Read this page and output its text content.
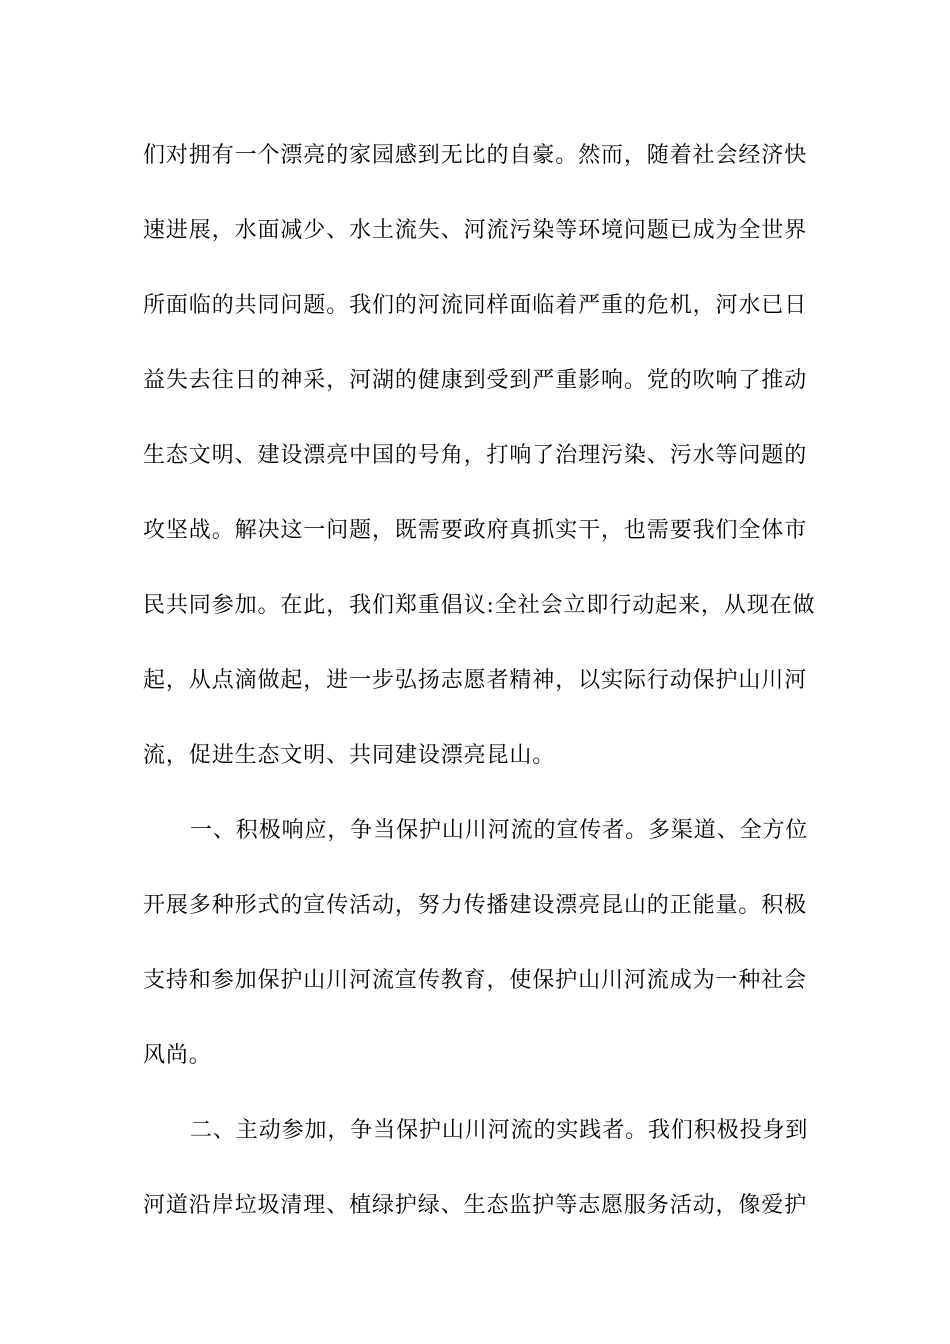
们对拥有一个漂亮的家园感到无比的自豪。然而，随着社会经济快
速进展，水面减少、水土流失、河流污染等环境问题已成为全世界
所面临的共同问题。我们的河流同样面临着严重的危机，河水已日
益失去往日的神采，河湖的健康到受到严重影响。党的吹响了推动
生态文明、建设漂亮中国的号角，打响了治理污染、污水等问题的
攻坚战。解决这一问题，既需要政府真抓实干，也需要我们全体市
民共同参加。在此，我们郑重倡议:全社会立即行动起来，从现在做
起，从点滴做起，进一步弘扬志愿者精神，以实际行动保护山川河
流，促进生态文明、共同建设漂亮昆山。
一、积极响应，争当保护山川河流的宣传者。多渠道、全方位
开展多种形式的宣传活动，努力传播建设漂亮昆山的正能量。积极
支持和参加保护山川河流宣传教育，使保护山川河流成为一种社会
风尚。
二、主动参加，争当保护山川河流的实践者。我们积极投身到
河道沿岸垃圾清理、植绿护绿、生态监护等志愿服务活动，像爱护
